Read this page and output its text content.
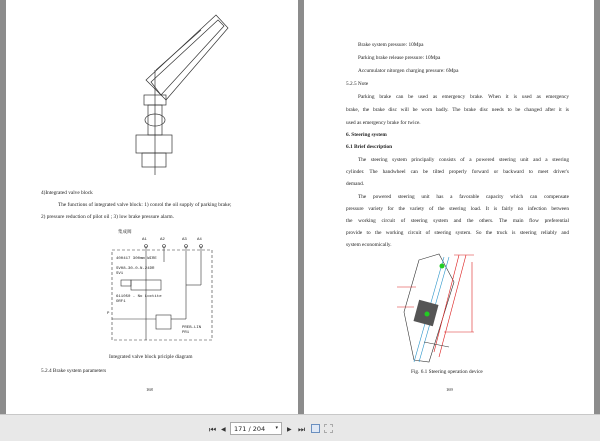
4)Integrated valve block
The functions of integrated valve block: 1) conrol the oil supply of parking brake;
2) pressure reduction of pilot oil ; 3) low brake pressure alarm.
集成阀
A1	A2	A3	A4
400417 300mm WIRE
SV08-30-0-N-24DR
SV1
611050 - No Loctite
ORF1
P
PREB-LIN
PR1
Integrated valve block priciple diagram
5.2.4 Brake system parameters
168
Brake system pressure: 10Mpa
Parking brake release pressure: 10Mpa
Accumulator nitorgen charging pressure: 6Mpa
5.2.5 Note
Parking brake can be used as emergency brake. When it is used as emergency
brake, the brake disc will be worn badly. The brake disc needs to be changed after it is
used as emergency brake for twice.
6. Steering system
6.1 Brief description
The steering system principally consists of a powered steering unit and a steering
cylinder. The handwheel can be tilted properly forward or backward to meet driver's
demand.
The powered steering unit has a favorable capacity which can compensate
pressure variety for the variety of the steering load. It is fairly no infection between
the working circuit of steering system and the others. The main flow preferential
provide to the working circuit of steering system. So the truck is steering reliably and
system economically.
Fig. 6.1 Steering operation device
169
⏮ ◀	171 / 204 ▾ ▶ ⏭
